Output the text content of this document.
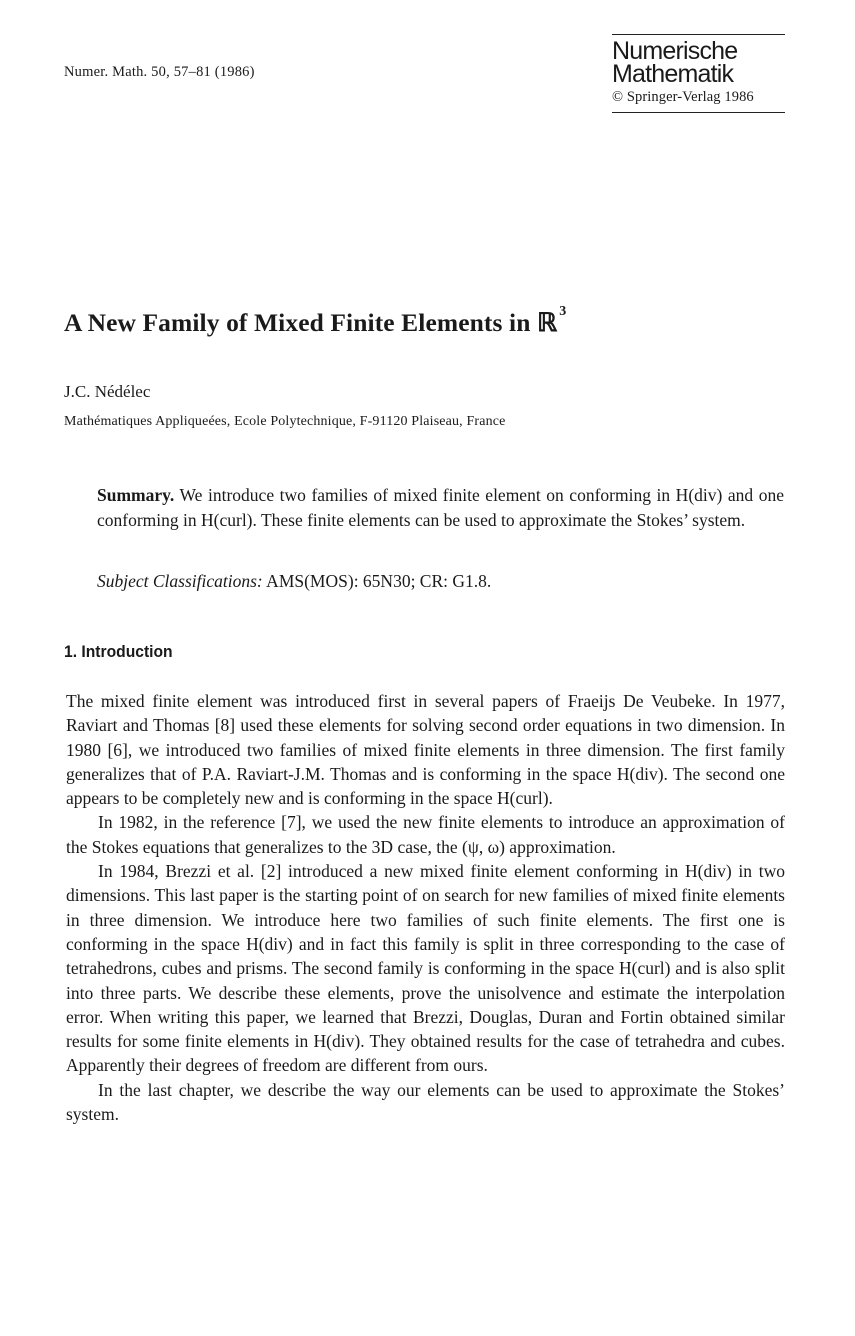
Numer. Math. 50, 57–81 (1986)
Numerische
Mathematik
© Springer-Verlag 1986
A New Family of Mixed Finite Elements in ℝ $^3$
J.C. Nédélec
Mathématiques Appliqueées, Ecole Polytechnique, F-91120 Plaiseau, France

Summary. We introduce two families of mixed finite element on conforming in H(div) and one conforming in H(curl). These finite elements can be used to approximate the Stokes’ system.

Subject Classifications: AMS(MOS): 65N30; CR: G1.8.
1. Introduction

The mixed finite element was introduced first in several papers of Fraeijs De Veubeke. In 1977, Raviart and Thomas [8] used these elements for solving second order equations in two dimension. In 1980 [6], we introduced two families of mixed finite elements in three dimension. The first family generalizes that of P.A. Raviart-J.M. Thomas and is conforming in the space H(div). The second one appears to be completely new and is conforming in the space H(curl).

In 1982, in the reference [7], we used the new finite elements to introduce an approximation of the Stokes equations that generalizes to the 3D case, the (ψ, ω) approximation.

In 1984, Brezzi et al. [2] introduced a new mixed finite element conforming in H(div) in two dimensions. This last paper is the starting point of on search for new families of mixed finite elements in three dimension. We introduce here two families of such finite elements. The first one is conforming in the space H(div) and in fact this family is split in three corresponding to the case of tetrahedrons, cubes and prisms. The second family is conforming in the space H(curl) and is also split into three parts. We describe these elements, prove the unisolvence and estimate the interpolation error. When writing this paper, we learned that Brezzi, Douglas, Duran and Fortin obtained similar results for some finite elements in H(div). They obtained results for the case of tetrahedra and cubes. Apparently their degrees of freedom are different from ours.

In the last chapter, we describe the way our elements can be used to approximate the Stokes’ system.
